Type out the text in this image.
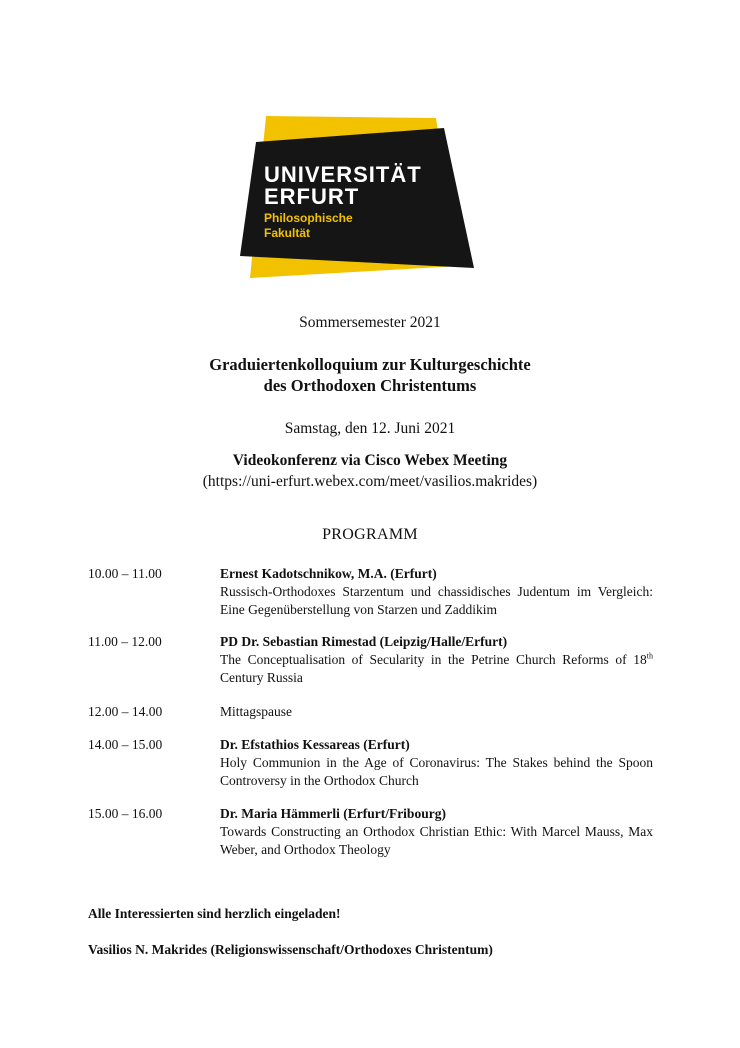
UNIVERSITÄT
ERFURT
Philosophische
Fakultät
Sommersemester 2021
Graduiertenkolloquium zur Kulturgeschichte
des Orthodoxen Christentums
Samstag, den 12. Juni 2021
Videokonferenz via Cisco Webex Meeting
(https://uni-erfurt.webex.com/meet/vasilios.makrides)
PROGRAMM
10.00 – 11.00	Ernest Kadotschnikow, M.A. (Erfurt)
Russisch-Orthodoxes Starzentum und chassidisches Judentum im Vergleich: Eine Gegenüberstellung von Starzen und Zaddikim
11.00 – 12.00	PD Dr. Sebastian Rimestad (Leipzig/Halle/Erfurt)
The Conceptualisation of Secularity in the Petrine Church Reforms of 18th Century Russia
12.00 – 14.00	Mittagspause
14.00 – 15.00	Dr. Efstathios Kessareas (Erfurt)
Holy Communion in the Age of Coronavirus: The Stakes behind the Spoon Controversy in the Orthodox Church
15.00 – 16.00	Dr. Maria Hämmerli (Erfurt/Fribourg)
Towards Constructing an Orthodox Christian Ethic: With Marcel Mauss, Max Weber, and Orthodox Theology
Alle Interessierten sind herzlich eingeladen!
Vasilios N. Makrides (Religionswissenschaft/Orthodoxes Christentum)
